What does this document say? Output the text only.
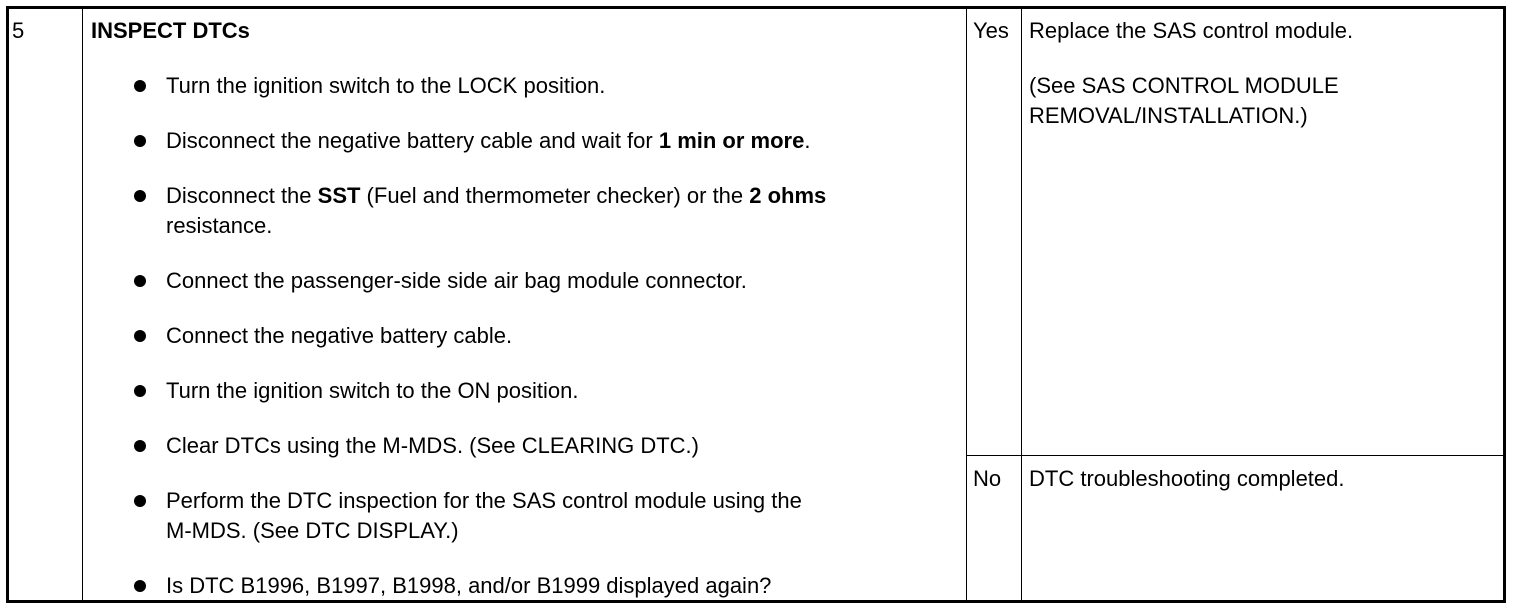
5	INSPECT DTCs
Turn the ignition switch to the LOCK position.
Disconnect the negative battery cable and wait for 1 min or more.
Disconnect the SST (Fuel and thermometer checker) or the 2 ohms
resistance.
Connect the passenger-side side air bag module connector.
Connect the negative battery cable.
Turn the ignition switch to the ON position.
Clear DTCs using the M-MDS. (See CLEARING DTC.)
Perform the DTC inspection for the SAS control module using the
M-MDS. (See DTC DISPLAY.)
Is DTC B1996, B1997, B1998, and/or B1999 displayed again?
Yes Replace the SAS control module.
(See SAS CONTROL MODULE
REMOVAL/INSTALLATION.)
No DTC troubleshooting completed.
